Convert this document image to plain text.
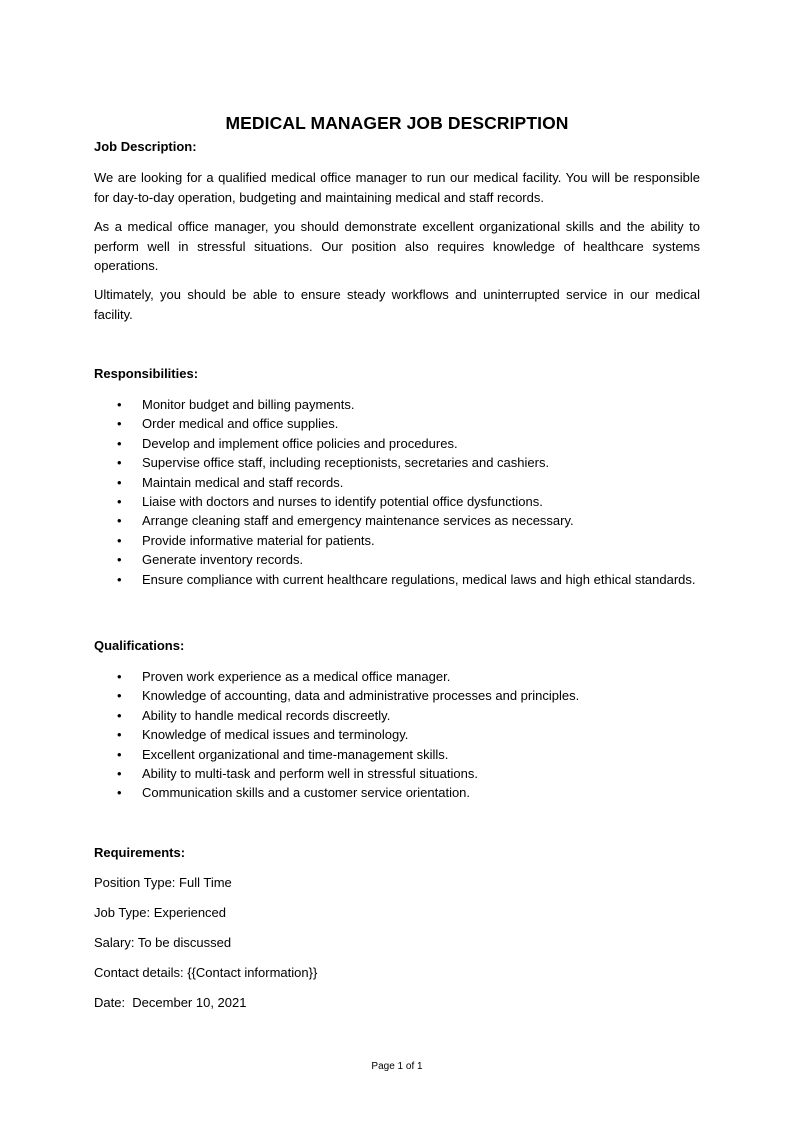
MEDICAL MANAGER JOB DESCRIPTION
Job Description:

We are looking for a qualified medical office manager to run our medical facility. You will be responsible for day-to-day operation, budgeting and maintaining medical and staff records.

As a medical office manager, you should demonstrate excellent organizational skills and the ability to perform well in stressful situations. Our position also requires knowledge of healthcare systems operations.

Ultimately, you should be able to ensure steady workflows and uninterrupted service in our medical facility.

Responsibilities:
• Monitor budget and billing payments.
• Order medical and office supplies.
• Develop and implement office policies and procedures.
• Supervise office staff, including receptionists, secretaries and cashiers.
• Maintain medical and staff records.
• Liaise with doctors and nurses to identify potential office dysfunctions.
• Arrange cleaning staff and emergency maintenance services as necessary.
• Provide informative material for patients.
• Generate inventory records.
• Ensure compliance with current healthcare regulations, medical laws and high ethical standards.
Qualifications:
• Proven work experience as a medical office manager.
• Knowledge of accounting, data and administrative processes and principles.
• Ability to handle medical records discreetly.
• Knowledge of medical issues and terminology.
• Excellent organizational and time-management skills.
• Ability to multi-task and perform well in stressful situations.
• Communication skills and a customer service orientation.
Requirements:
Position Type: Full Time
Job Type: Experienced
Salary: To be discussed
Contact details: {{Contact information}}
Date:  December 10, 2021
Page 1 of 1
